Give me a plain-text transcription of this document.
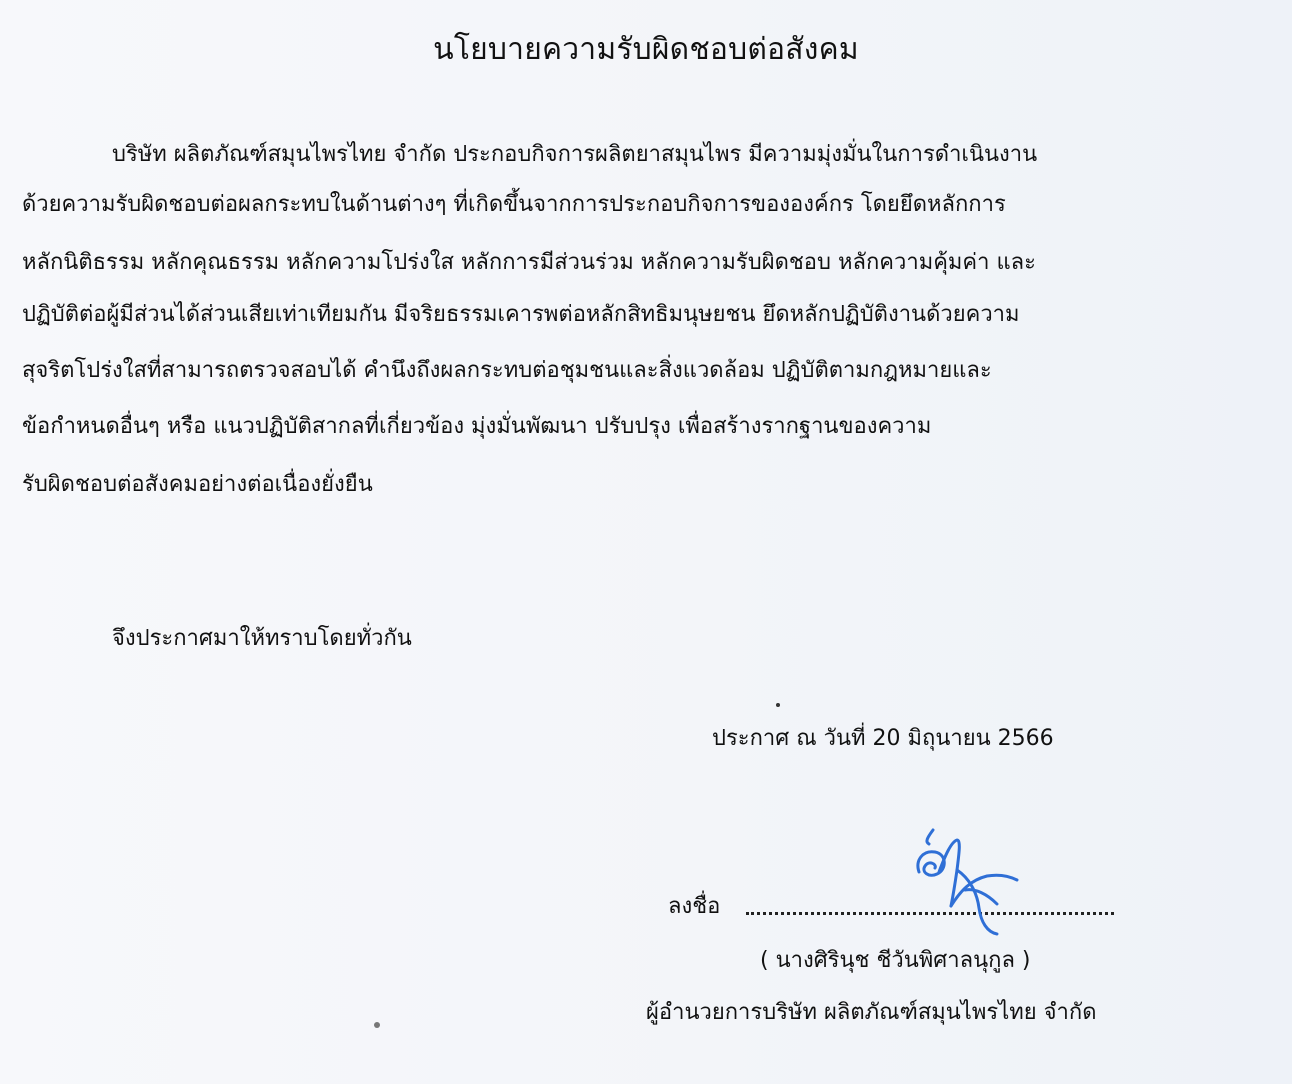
นโยบายความรับผิดชอบต่อสังคม
บริษัท ผลิตภัณฑ์สมุนไพรไทย จำกัด ประกอบกิจการผลิตยาสมุนไพร มีความมุ่งมั่นในการดำเนินงาน
ด้วยความรับผิดชอบต่อผลกระทบในด้านต่างๆ ที่เกิดขึ้นจากการประกอบกิจการขององค์กร โดยยึดหลักการ
หลักนิติธรรม หลักคุณธรรม หลักความโปร่งใส หลักการมีส่วนร่วม หลักความรับผิดชอบ หลักความคุ้มค่า และ
ปฏิบัติต่อผู้มีส่วนได้ส่วนเสียเท่าเทียมกัน มีจริยธรรมเคารพต่อหลักสิทธิมนุษยชน ยึดหลักปฏิบัติงานด้วยความ
สุจริตโปร่งใสที่สามารถตรวจสอบได้ คำนึงถึงผลกระทบต่อชุมชนและสิ่งแวดล้อม ปฏิบัติตามกฎหมายและ
ข้อกำหนดอื่นๆ หรือ แนวปฏิบัติสากลที่เกี่ยวข้อง มุ่งมั่นพัฒนา ปรับปรุง เพื่อสร้างรากฐานของความ
รับผิดชอบต่อสังคมอย่างต่อเนื่องยั่งยืน
จึงประกาศมาให้ทราบโดยทั่วกัน
ประกาศ ณ วันที่ 20 มิถุนายน 2566
ลงชื่อ
( นางศิรินุช ชีวันพิศาลนุกูล )
ผู้อำนวยการบริษัท ผลิตภัณฑ์สมุนไพรไทย จำกัด
